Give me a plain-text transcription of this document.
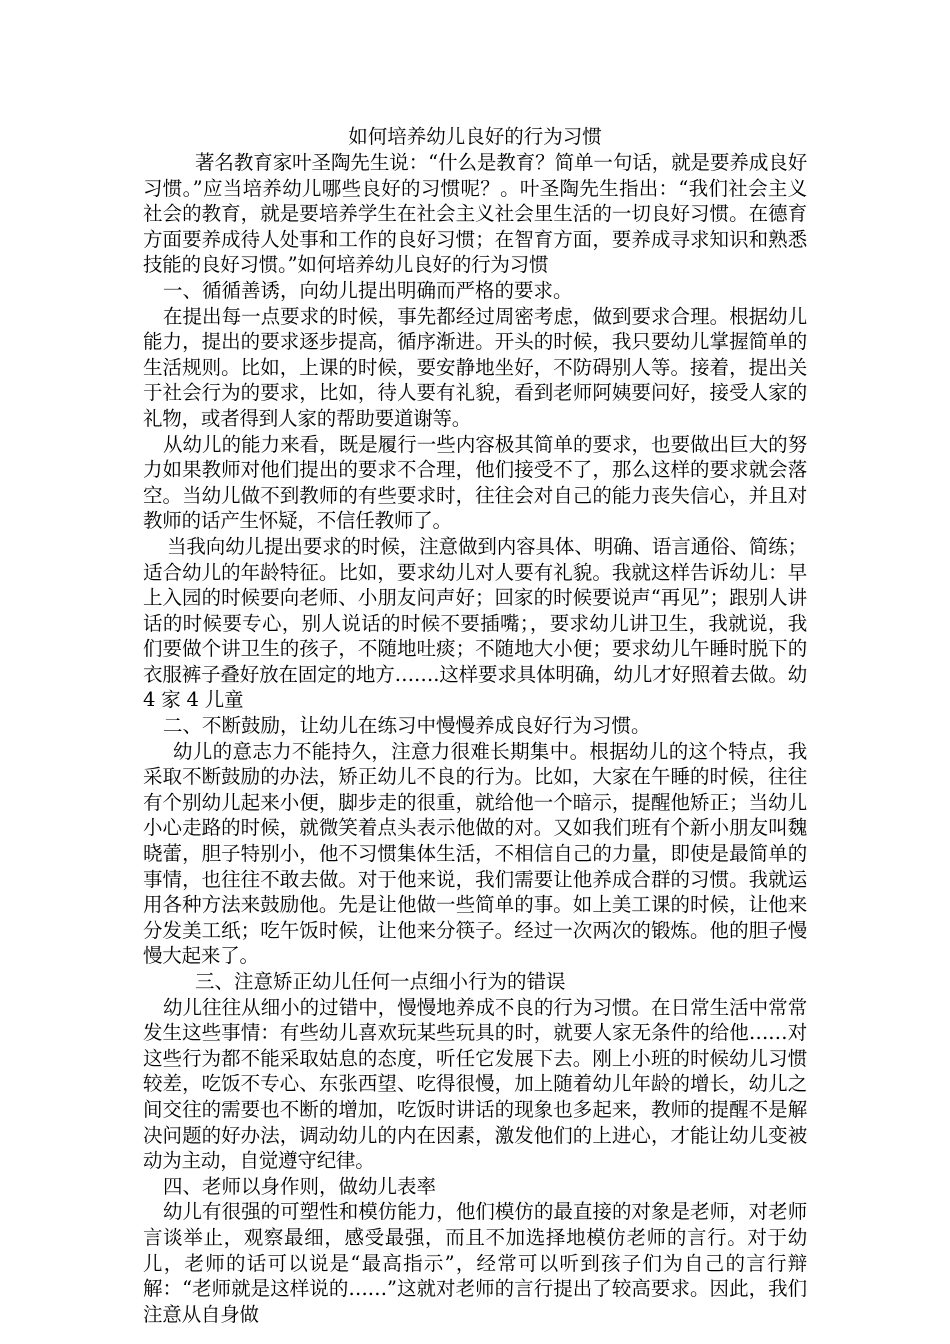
如何培养幼儿良好的行为习惯

著名教育家叶圣陶先生说：“什么是教育？简单一句话，就是要养成良好习惯。”应当培养幼儿哪些良好的习惯呢？。叶圣陶先生指出：“我们社会主义社会的教育，就是要培养学生在社会主义社会里生活的一切良好习惯。在德育方面要养成待人处事和工作的良好习惯；在智育方面，要养成寻求知识和熟悉技能的良好习惯。”如何培养幼儿良好的行为习惯

一、循循善诱，向幼儿提出明确而严格的要求。

在提出每一点要求的时候，事先都经过周密考虑，做到要求合理。根据幼儿能力，提出的要求逐步提高，循序渐进。开头的时候，我只要幼儿掌握简单的生活规则。比如，上课的时候，要安静地坐好，不防碍别人等。接着，提出关于社会行为的要求，比如，待人要有礼貌，看到老师阿姨要问好，接受人家的礼物，或者得到人家的帮助要道谢等。

从幼儿的能力来看，既是履行一些内容极其简单的要求，也要做出巨大的努力如果教师对他们提出的要求不合理，他们接受不了，那么这样的要求就会落空。当幼儿做不到教师的有些要求时，往往会对自己的能力丧失信心，并且对教师的话产生怀疑，不信任教师了。

当我向幼儿提出要求的时候，注意做到内容具体、明确、语言通俗、简练；适合幼儿的年龄特征。比如，要求幼儿对人要有礼貌。我就这样告诉幼儿：早上入园的时候要向老师、小朋友问声好；回家的时候要说声“再见”；跟别人讲话的时候要专心，别人说话的时候不要插嘴；，要求幼儿讲卫生，我就说，我们要做个讲卫生的孩子，不随地吐痰；不随地大小便；要求幼儿午睡时脱下的衣服裤子叠好放在固定的地方…….这样要求具体明确，幼儿才好照着去做。幼 4 家 4 儿童

二、不断鼓励，让幼儿在练习中慢慢养成良好行为习惯。

幼儿的意志力不能持久，注意力很难长期集中。根据幼儿的这个特点，我采取不断鼓励的办法，矫正幼儿不良的行为。比如，大家在午睡的时候，往往有个别幼儿起来小便，脚步走的很重，就给他一个暗示，提醒他矫正；当幼儿小心走路的时候，就微笑着点头表示他做的对。又如我们班有个新小朋友叫魏晓蕾，胆子特别小，他不习惯集体生活，不相信自己的力量，即使是最简单的事情，也往往不敢去做。对于他来说，我们需要让他养成合群的习惯。我就运用各种方法来鼓励他。先是让他做一些简单的事。如上美工课的时候，让他来分发美工纸；吃午饭时候，让他来分筷子。经过一次两次的锻炼。他的胆子慢慢大起来了。

三、注意矫正幼儿任何一点细小行为的错误

幼儿往往从细小的过错中，慢慢地养成不良的行为习惯。在日常生活中常常发生这些事情：有些幼儿喜欢玩某些玩具的时，就要人家无条件的给他……对这些行为都不能采取姑息的态度，听任它发展下去。刚上小班的时候幼儿习惯较差，吃饭不专心、东张西望、吃得很慢，加上随着幼儿年龄的增长，幼儿之间交往的需要也不断的增加，吃饭时讲话的现象也多起来，教师的提醒不是解决问题的好办法，调动幼儿的内在因素，激发他们的上进心，才能让幼儿变被动为主动，自觉遵守纪律。

四、老师以身作则，做幼儿表率

幼儿有很强的可塑性和模仿能力，他们模仿的最直接的对象是老师，对老师言谈举止，观察最细，感受最强，而且不加选择地模仿老师的言行。对于幼儿，老师的话可以说是“最高指示”，经常可以听到孩子们为自己的言行辩解：“老师就是这样说的……”这就对老师的言行提出了较高要求。因此，我们注意从自身做
